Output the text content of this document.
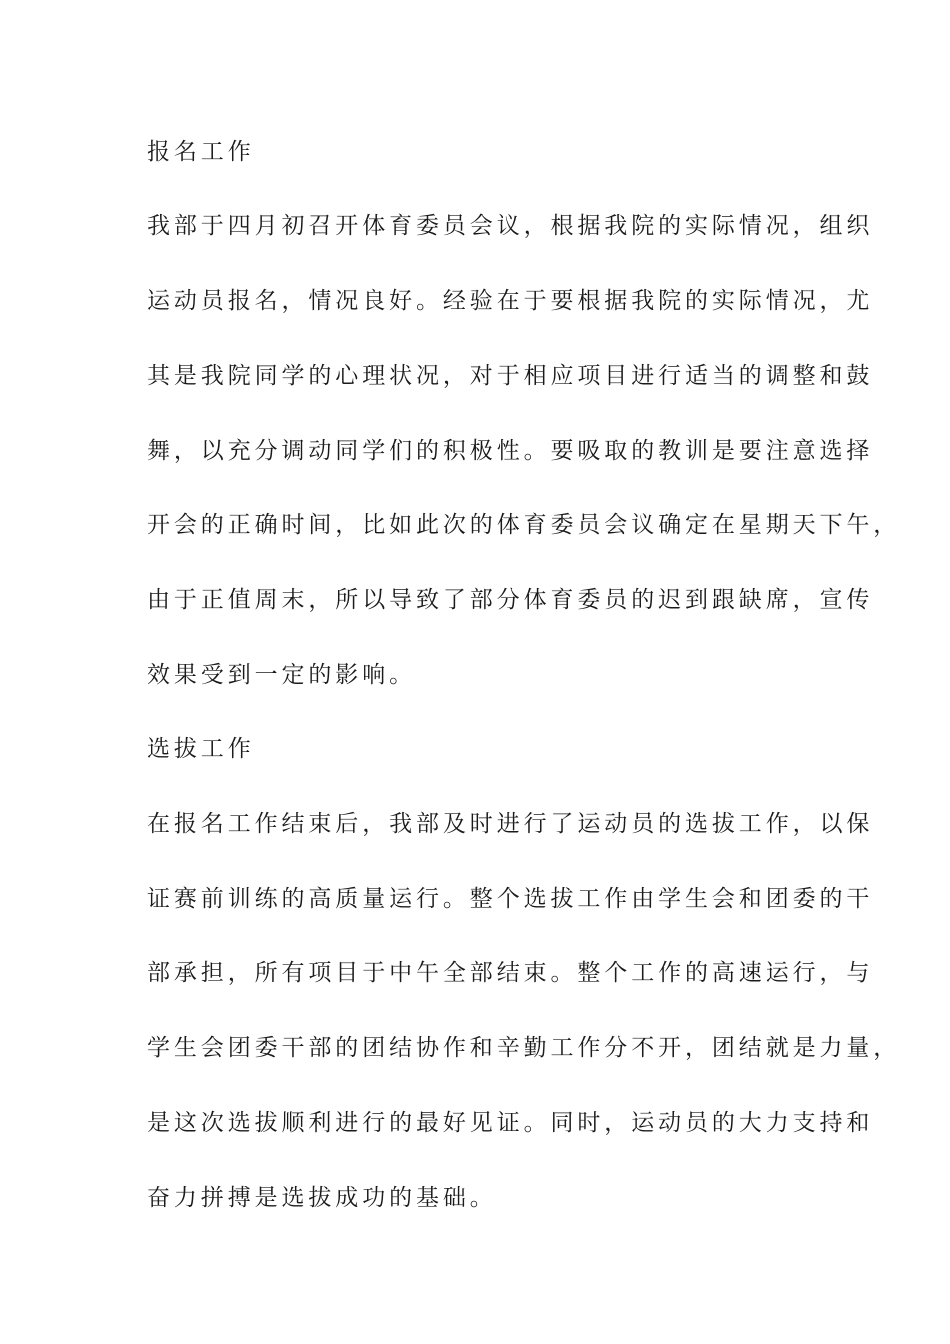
报名工作
我部于四月初召开体育委员会议，根据我院的实际情况，组织
运动员报名，情况良好。经验在于要根据我院的实际情况，尤
其是我院同学的心理状况，对于相应项目进行适当的调整和鼓
舞，以充分调动同学们的积极性。要吸取的教训是要注意选择
开会的正确时间，比如此次的体育委员会议确定在星期天下午，
由于正值周末，所以导致了部分体育委员的迟到跟缺席，宣传
效果受到一定的影响。
选拔工作
在报名工作结束后，我部及时进行了运动员的选拔工作，以保
证赛前训练的高质量运行。整个选拔工作由学生会和团委的干
部承担，所有项目于中午全部结束。整个工作的高速运行，与
学生会团委干部的团结协作和辛勤工作分不开，团结就是力量，
是这次选拔顺利进行的最好见证。同时，运动员的大力支持和
奋力拼搏是选拔成功的基础。
